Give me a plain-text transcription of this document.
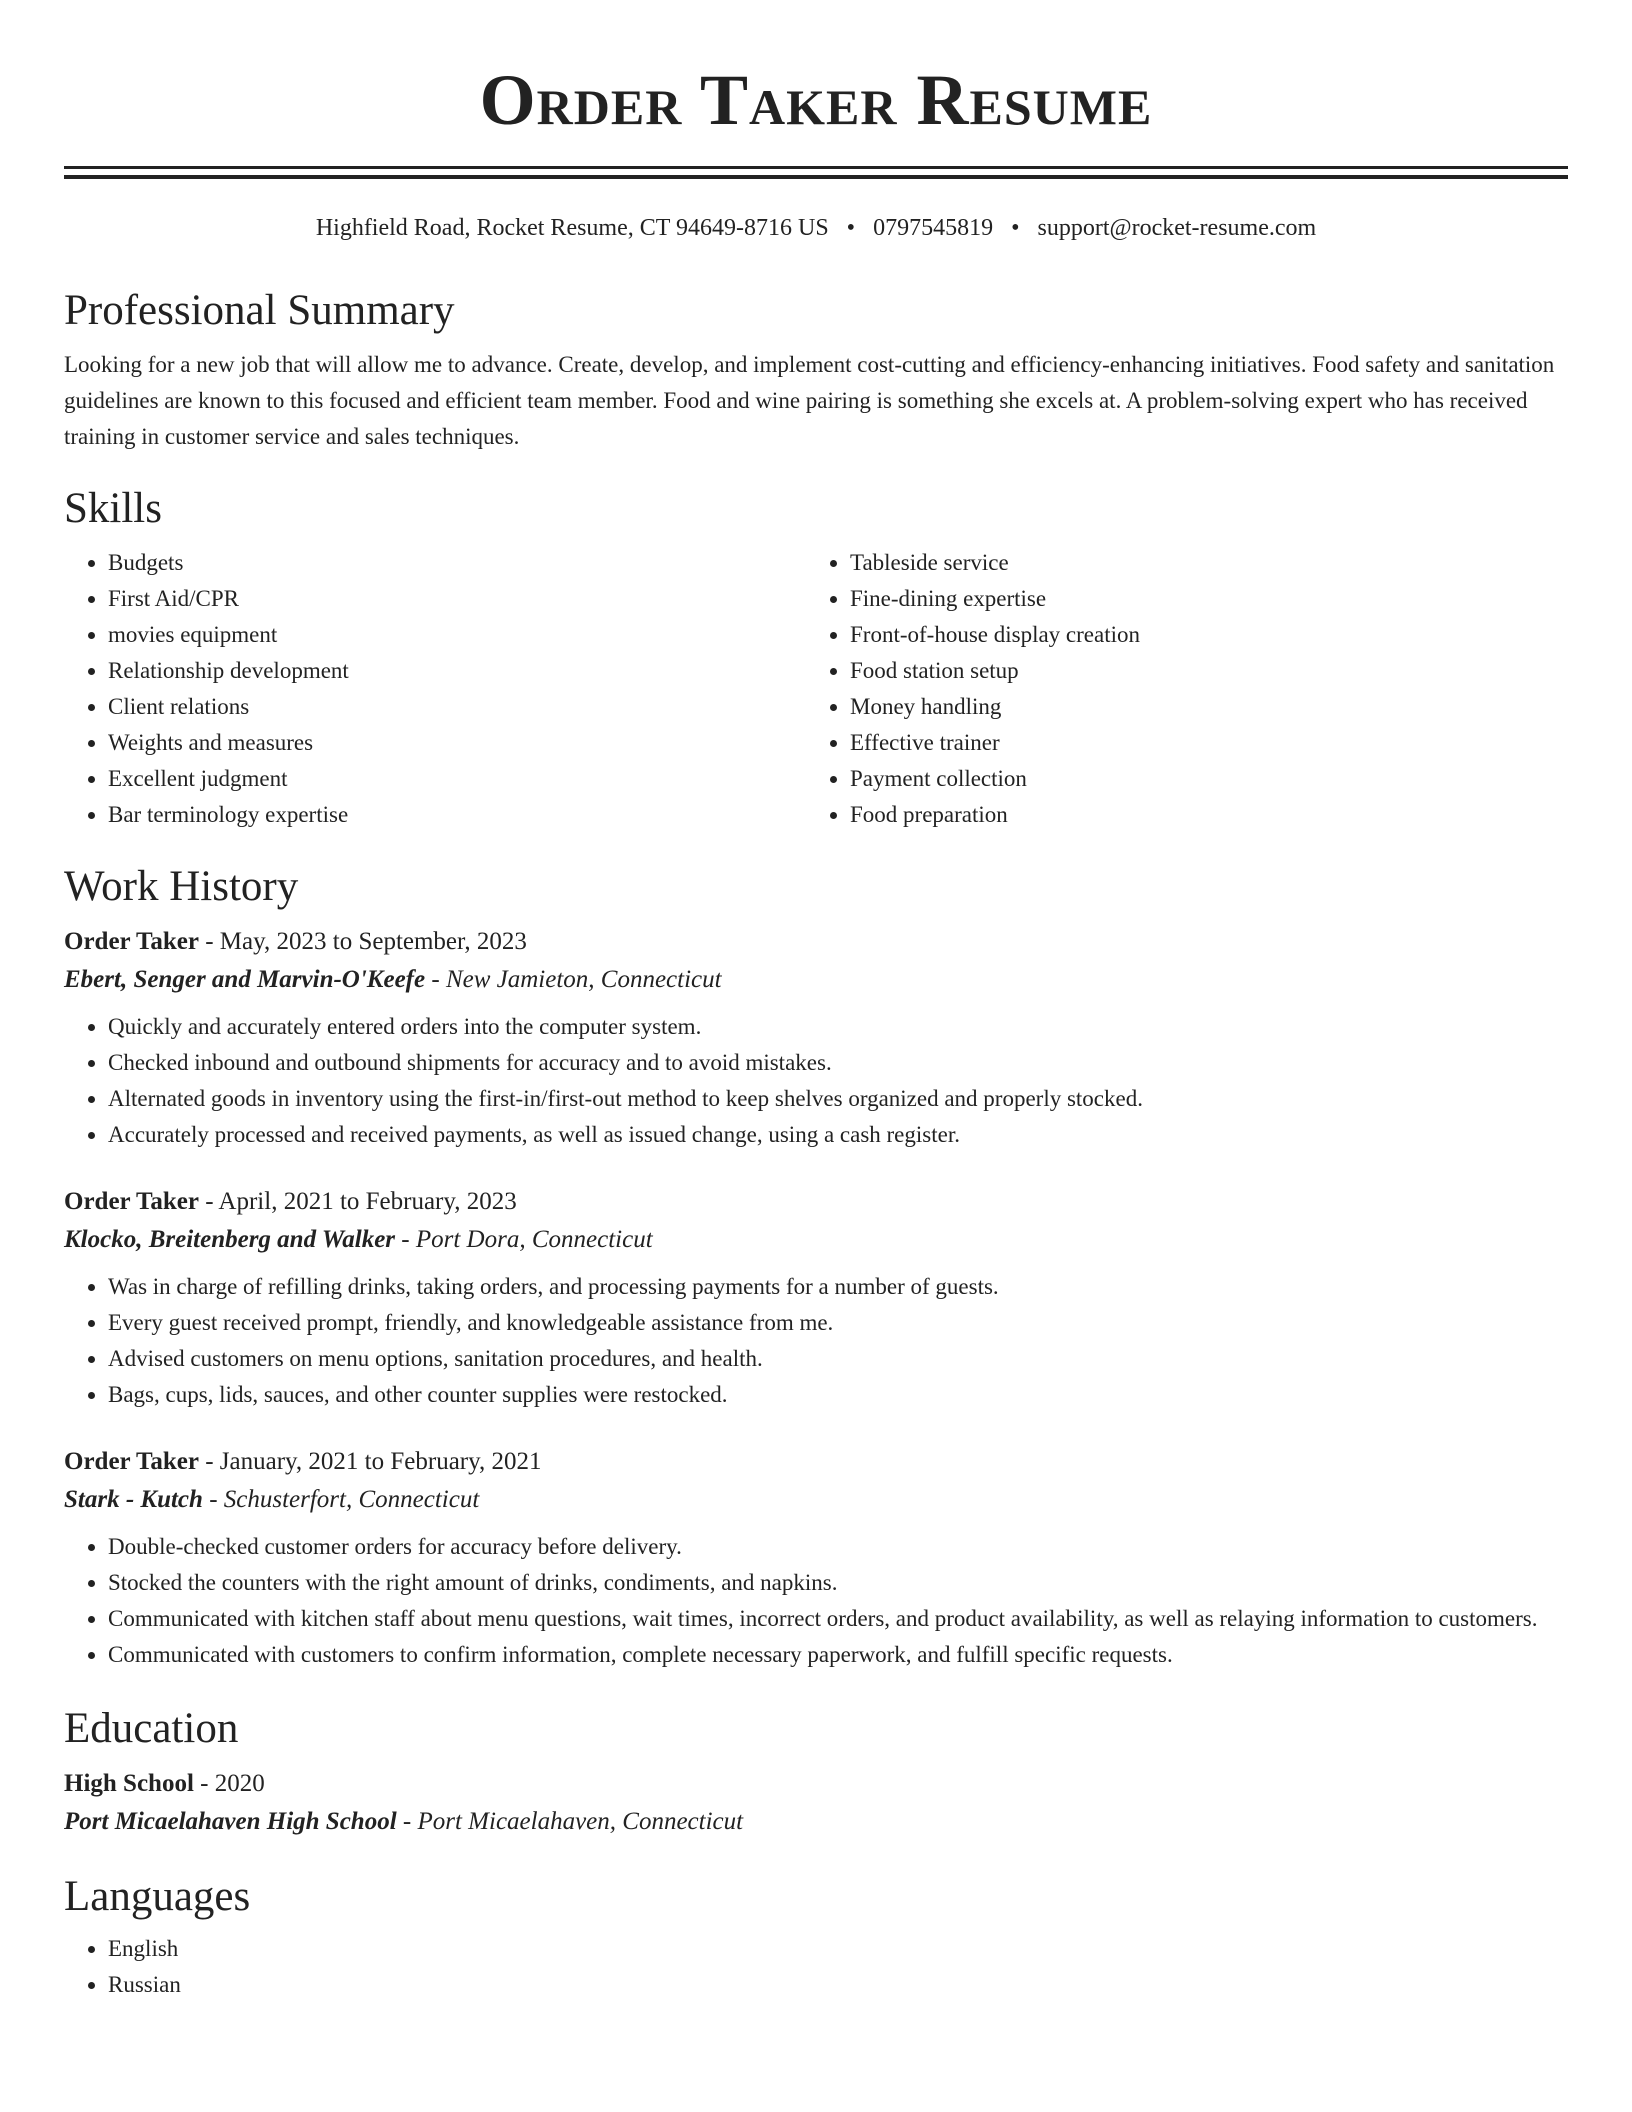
Order Taker Resume
Highfield Road, Rocket Resume, CT 94649-8716 US • 0797545819 • support@rocket-resume.com
Professional Summary

Looking for a new job that will allow me to advance. Create, develop, and implement cost-cutting and efficiency-enhancing initiatives. Food safety and sanitation guidelines are known to this focused and efficient team member. Food and wine pairing is something she excels at. A problem-solving expert who has received training in customer service and sales techniques.

Skills
• Budgets
• First Aid/CPR
• movies equipment
• Relationship development
• Client relations
• Weights and measures
• Excellent judgment
• Bar terminology expertise
• Tableside service
• Fine-dining expertise
• Front-of-house display creation
• Food station setup
• Money handling
• Effective trainer
• Payment collection
• Food preparation
Work History
Order Taker - May, 2023 to September, 2023
Ebert, Senger and Marvin-O'Keefe - New Jamieton, Connecticut
• Quickly and accurately entered orders into the computer system.
• Checked inbound and outbound shipments for accuracy and to avoid mistakes.
• Alternated goods in inventory using the first-in/first-out method to keep shelves organized and properly stocked.
• Accurately processed and received payments, as well as issued change, using a cash register.
Order Taker - April, 2021 to February, 2023
Klocko, Breitenberg and Walker - Port Dora, Connecticut
• Was in charge of refilling drinks, taking orders, and processing payments for a number of guests.
• Every guest received prompt, friendly, and knowledgeable assistance from me.
• Advised customers on menu options, sanitation procedures, and health.
• Bags, cups, lids, sauces, and other counter supplies were restocked.
Order Taker - January, 2021 to February, 2021
Stark - Kutch - Schusterfort, Connecticut
• Double-checked customer orders for accuracy before delivery.
• Stocked the counters with the right amount of drinks, condiments, and napkins.
• Communicated with kitchen staff about menu questions, wait times, incorrect orders, and product availability, as well as relaying information to customers.
• Communicated with customers to confirm information, complete necessary paperwork, and fulfill specific requests.
Education
High School - 2020
Port Micaelahaven High School - Port Micaelahaven, Connecticut
Languages
• English
• Russian
